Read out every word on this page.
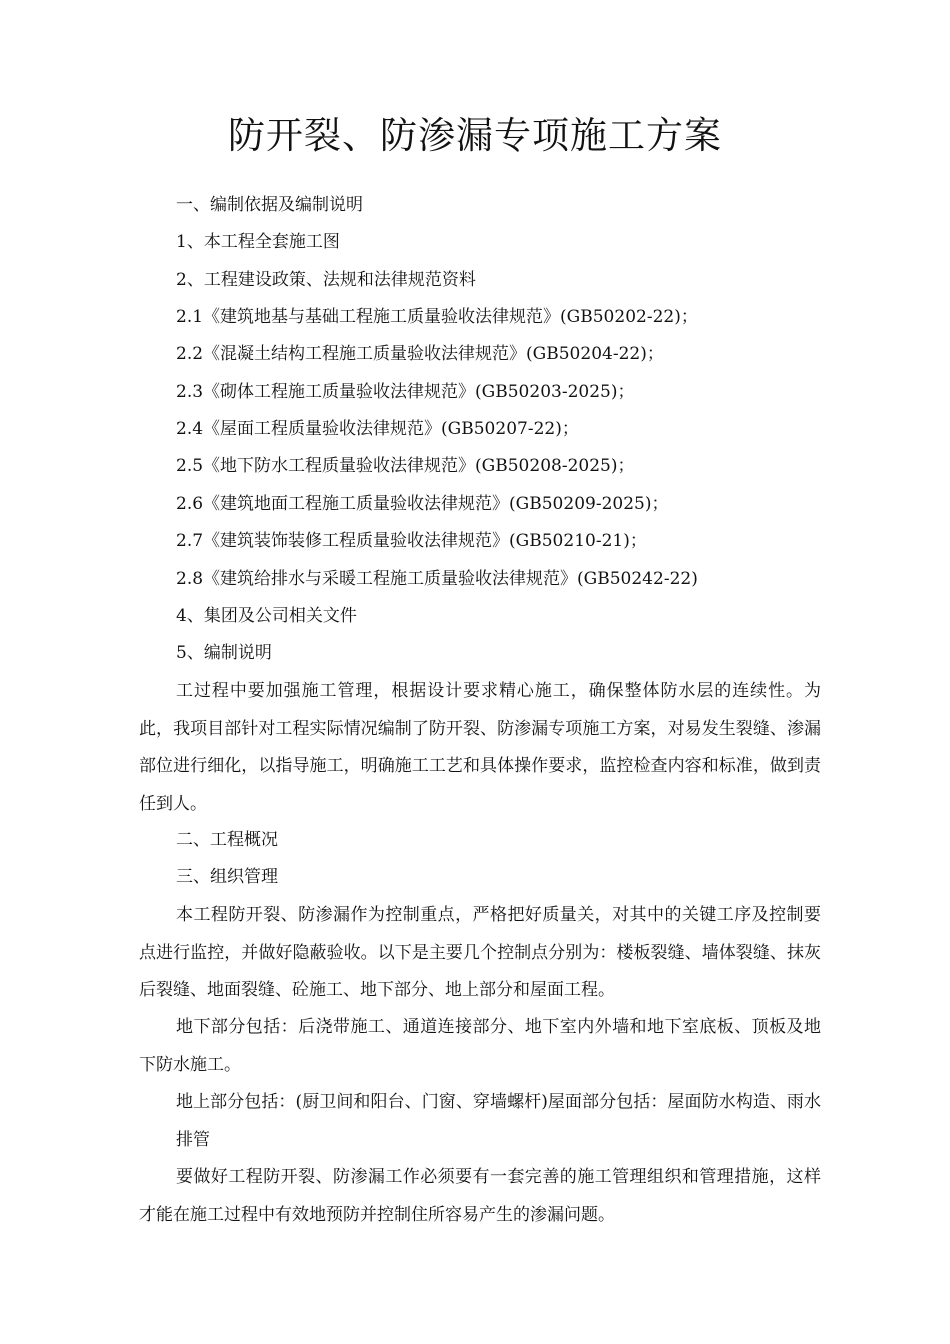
防开裂、防渗漏专项施工方案
一、编制依据及编制说明
1、本工程全套施工图
2、工程建设政策、法规和法律规范资料
2.1《建筑地基与基础工程施工质量验收法律规范》(GB50202-22)；
2.2《混凝土结构工程施工质量验收法律规范》(GB50204-22)；
2.3《砌体工程施工质量验收法律规范》(GB50203-2025)；
2.4《屋面工程质量验收法律规范》(GB50207-22)；
2.5《地下防水工程质量验收法律规范》(GB50208-2025)；
2.6《建筑地面工程施工质量验收法律规范》(GB50209-2025)；
2.7《建筑装饰装修工程质量验收法律规范》(GB50210-21)；
2.8《建筑给排水与采暖工程施工质量验收法律规范》(GB50242-22)
4、集团及公司相关文件
5、编制说明
工过程中要加强施工管理，根据设计要求精心施工，确保整体防水层的连续性。为此，我项目部针对工程实际情况编制了防开裂、防渗漏专项施工方案，对易发生裂缝、渗漏部位进行细化，以指导施工，明确施工工艺和具体操作要求，监控检查内容和标准，做到责任到人。
二、工程概况
三、组织管理
本工程防开裂、防渗漏作为控制重点，严格把好质量关，对其中的关键工序及控制要点进行监控，并做好隐蔽验收。以下是主要几个控制点分别为：楼板裂缝、墙体裂缝、抹灰后裂缝、地面裂缝、砼施工、地下部分、地上部分和屋面工程。
地下部分包括：后浇带施工、通道连接部分、地下室内外墙和地下室底板、顶板及地下防水施工。
地上部分包括：(厨卫间和阳台、门窗、穿墙螺杆)屋面部分包括：屋面防水构造、雨水排管
要做好工程防开裂、防渗漏工作必须要有一套完善的施工管理组织和管理措施，这样才能在施工过程中有效地预防并控制住所容易产生的渗漏问题。
